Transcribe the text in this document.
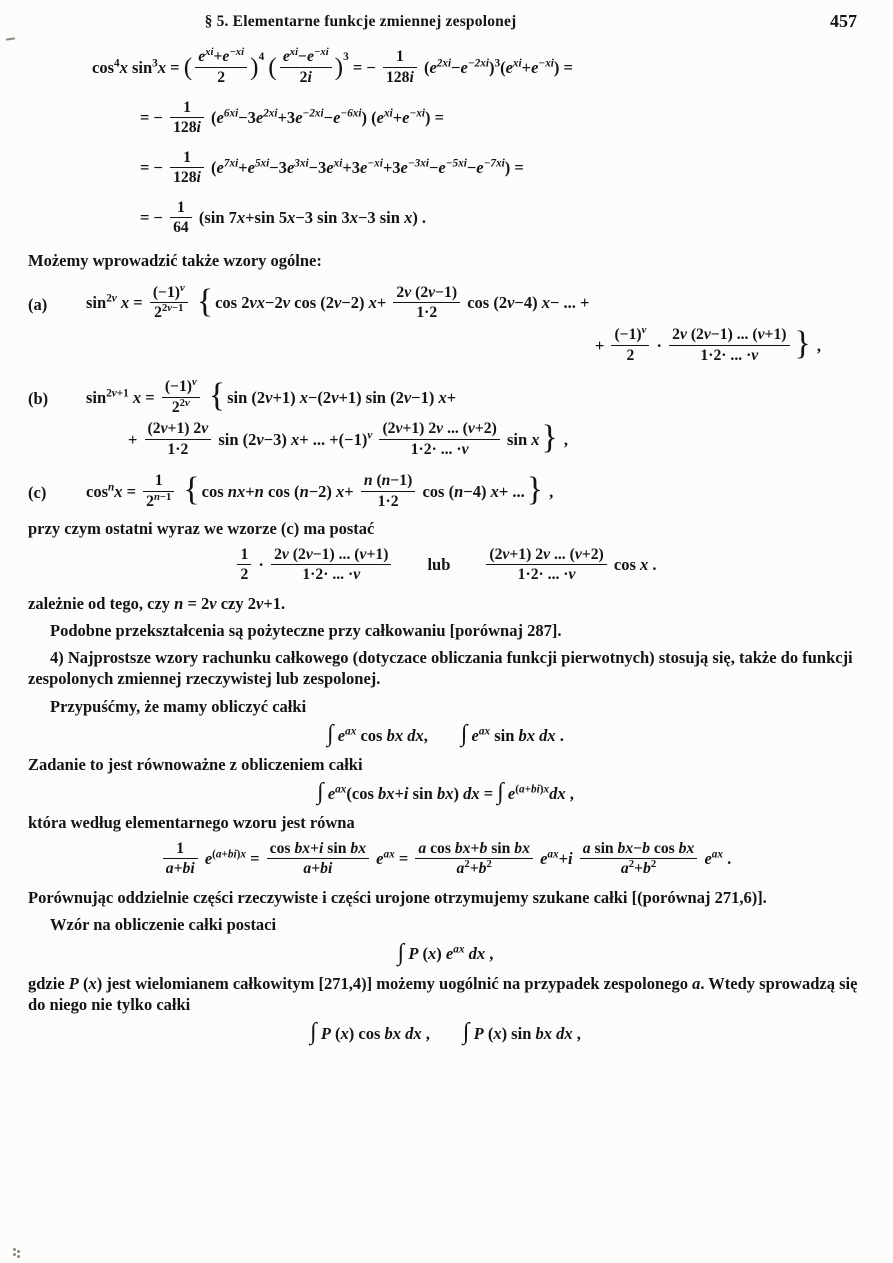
§ 5. Elementarne funkcje zmiennej zespolonej	457
$\cos^4x$ $\sin^3x$ = ( $e^{xi}+e^{-xi}$
2 )$^4$ ( $e^{xi}-e^{-xi}$
2i )$^3$ = − $\frac{1}{128i} (e^{2xi}-e^{-2xi})^3(e^{xi}+e^{-xi})$ =
= − $\frac{1}{128i} (e^{6xi}-3e^{2xi}+3e^{-2xi}-e^{-6xi}) (e^{xi}+e^{-xi})$ =
= − $\frac{1}{128i} (e^{7xi}+e^{5xi}-3e^{3xi}-3e^{xi}+3e^{-xi}+3e^{-3xi}-e^{-5xi}-e^{-7xi})$ =
= − $\frac{1}{64} (\sin$ 7x+sin 5x−3 sin 3x−3 sin x) .

Możemy wprowadzić także wzory ogólne:

(a)	$\sin^{2\nu} x = \frac{(-1)^\nu}{2^{2\nu-1}}$ { cos 2νx−2ν cos (2ν−2) $x+ \frac{2\nu (2\nu-1)}{1\cdot 2}$ cos (2ν−4) x− ... +
+ $\frac{(-1)^\nu}{2} \cdot \frac{2\nu (2\nu-1) ... (\nu+1)}{1\cdot 2\cdot ... \cdot\nu}$ } ,
(b)	$\sin^{2\nu+1} x = \frac{(-1)^\nu}{2^{2\nu}}$ { sin (2ν+1) x−(2ν+1) sin (2ν−1) x+
+ $\frac{(2\nu+1) 2\nu}{1\cdot 2}$ sin (2ν−3) x+ ... $+(-1)^\nu \frac{(2\nu+1) 2\nu ... (\nu+2)}{1\cdot 2\cdot ... \cdot\nu}$ sin x} ,
(c)	$\cos^nx = \frac{1}{2^{n-1}}$ { cos nx+n cos (n−2) $x+ \frac{n (n-1)}{1\cdot 2}$ cos (n−4) x+ ...} ,

przy czym ostatni wyraz we wzorze (c) ma postać

$\frac{1}{2} \cdot \frac{2\nu (2\nu-1) ... (\nu+1)}{1\cdot 2\cdot ... \cdot\nu}$   lub   $\frac{(2\nu+1) 2\nu ... (\nu+2)}{1\cdot 2\cdot ... \cdot\nu}$ cos x .

zależnie od tego, czy n = 2ν czy 2ν+1.

Podobne przekształcenia są pożyteczne przy całkowaniu [porównaj 287].

4) Najprostsze wzory rachunku całkowego (dotyczace obliczania funkcji pierwotnych) stosują się, także do funkcji zespolonych zmiennej rzeczywistej lub zespolonej.

Przypuśćmy, że mamy obliczyć całki

∫ $e^{ax}$ cos bx dx,  ∫ $e^{ax}$ sin bx dx .

Zadanie to jest równoważne z obliczeniem całki

∫ $e^{ax}(\cos$ bx+i sin bx) dx = ∫ $e^{(a+bi)x}dx$ ,

która według elementarnego wzoru jest równa

$\frac{1}{a+bi} e^{(a+bi)x} = \frac{\text{cos bx+i sin bx}}{a+bi} e^{ax} = \frac{\text{a cos bx+b sin bx}}{a^2+b^2} e^{ax}+i \frac{\text{a sin bx−b cos bx}}{a^2+b^2} e^{ax}$ .

Porównując oddzielnie części rzeczywiste i części urojone otrzymujemy szukane całki [(porównaj 271,6)].

Wzór na obliczenie całki postaci

∫ P (x) $e^{ax}$ dx ,

gdzie P (x) jest wielomianem całkowitym [271,4)] możemy uogólnić na przypadek zespolonego a. Wtedy sprowadzą się do niego nie tylko całki

∫ P (x) cos bx dx ,  ∫ P (x) sin bx dx ,
